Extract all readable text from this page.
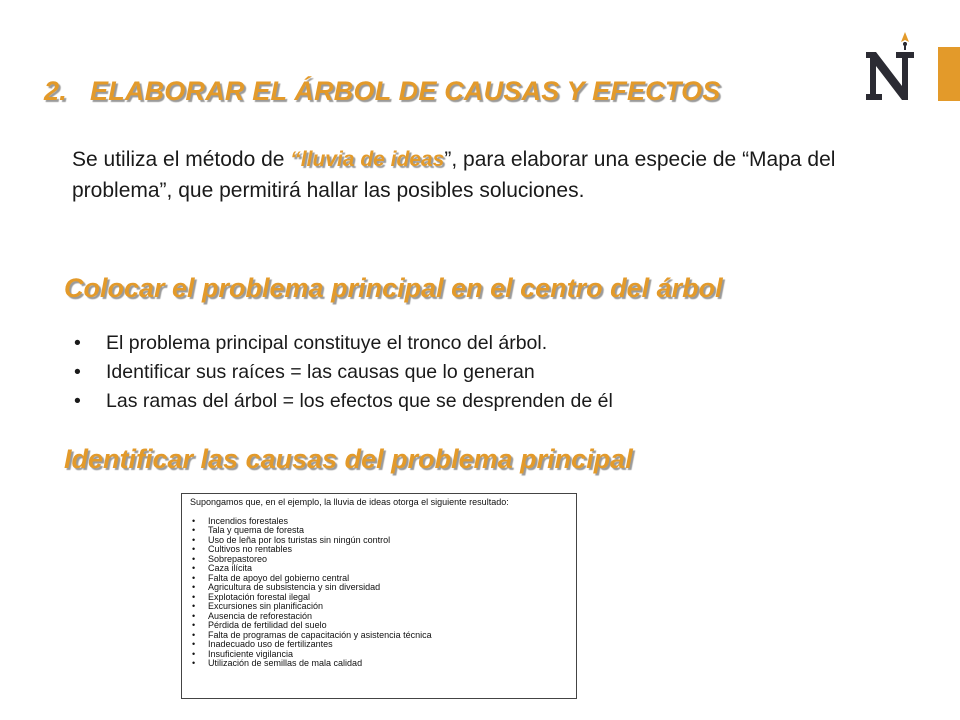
2. ELABORAR EL ÁRBOL DE CAUSAS Y EFECTOS

Se utiliza el método de “lluvia de ideas”, para elaborar una especie de “Mapa del problema”, que permitirá hallar las posibles soluciones.

Colocar el problema principal en el centro del árbol
• El problema principal constituye el tronco del árbol.
• Identificar sus raíces = las causas que lo generan
• Las ramas del árbol = los efectos que se desprenden de él
Identificar las causas del problema principal

Supongamos que, en el ejemplo, la lluvia de ideas otorga el siguiente resultado:

• Incendios forestales
• Tala y quema de foresta
• Uso de leña por los turistas sin ningún control
• Cultivos no rentables
• Sobrepastoreo
• Caza ilícita
• Falta de apoyo del gobierno central
• Agricultura de subsistencia y sin diversidad
• Explotación forestal ilegal
• Excursiones sin planificación
• Ausencia de reforestación
• Pérdida de fertilidad del suelo
• Falta de programas de capacitación y asistencia técnica
• Inadecuado uso de fertilizantes
• Insuficiente vigilancia
• Utilización de semillas de mala calidad
